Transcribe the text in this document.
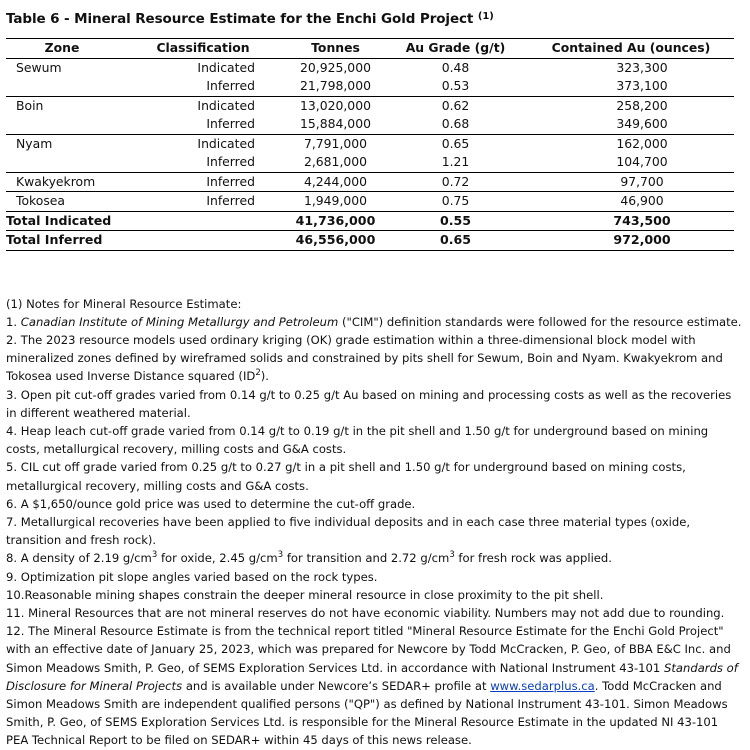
Table 6 - Mineral Resource Estimate for the Enchi Gold Project $^{(1)}$
Zone	Classification	Tonnes	Au Grade (g/t)	Contained Au (ounces)
Sewum	Indicated	20,925,000	0.48	323,300
	Inferred	21,798,000	0.53	373,100
Boin	Indicated	13,020,000	0.62	258,200
	Inferred	15,884,000	0.68	349,600
Nyam	Indicated	7,791,000	0.65	162,000
	Inferred	2,681,000	1.21	104,700
Kwakyekrom	Inferred	4,244,000	0.72	97,700
Tokosea	Inferred	1,949,000	0.75	46,900
Total Indicated		41,736,000	0.55	743,500
Total Inferred		46,556,000	0.65	972,000

(1) Notes for Mineral Resource Estimate:

1. Canadian Institute of Mining Metallurgy and Petroleum ("CIM") definition standards were followed for the resource estimate.

2. The 2023 resource models used ordinary kriging (OK) grade estimation within a three-dimensional block model with mineralized zones defined by wireframed solids and constrained by pits shell for Sewum, Boin and Nyam. Kwakyekrom and Tokosea used Inverse Distance squared $(ID^2)$.

3. Open pit cut-off grades varied from 0.14 g/t to 0.25 g/t Au based on mining and processing costs as well as the recoveries in different weathered material.

4. Heap leach cut-off grade varied from 0.14 g/t to 0.19 g/t in the pit shell and 1.50 g/t for underground based on mining costs, metallurgical recovery, milling costs and G&A costs.

5. CIL cut off grade varied from 0.25 g/t to 0.27 g/t in a pit shell and 1.50 g/t for underground based on mining costs, metallurgical recovery, milling costs and G&A costs.

6. A $1,650/ounce gold price was used to determine the cut-off grade.

7. Metallurgical recoveries have been applied to five individual deposits and in each case three material types (oxide, transition and fresh rock).

8. A density of 2.19 $g/cm^3$ for oxide, 2.45 $g/cm^3$ for transition and 2.72 $g/cm^3$ for fresh rock was applied.

9. Optimization pit slope angles varied based on the rock types.

10.Reasonable mining shapes constrain the deeper mineral resource in close proximity to the pit shell.

11. Mineral Resources that are not mineral reserves do not have economic viability. Numbers may not add due to rounding.

12. The Mineral Resource Estimate is from the technical report titled "Mineral Resource Estimate for the Enchi Gold Project" with an effective date of January 25, 2023, which was prepared for Newcore by Todd McCracken, P. Geo, of BBA E&C Inc. and Simon Meadows Smith, P. Geo, of SEMS Exploration Services Ltd. in accordance with National Instrument 43-101 Standards of Disclosure for Mineral Projects and is available under Newcore’s SEDAR+ profile at www.sedarplus.ca. Todd McCracken and Simon Meadows Smith are independent qualified persons ("QP") as defined by National Instrument 43-101. Simon Meadows Smith, P. Geo, of SEMS Exploration Services Ltd. is responsible for the Mineral Resource Estimate in the updated NI 43-101 PEA Technical Report to be filed on SEDAR+ within 45 days of this news release.
